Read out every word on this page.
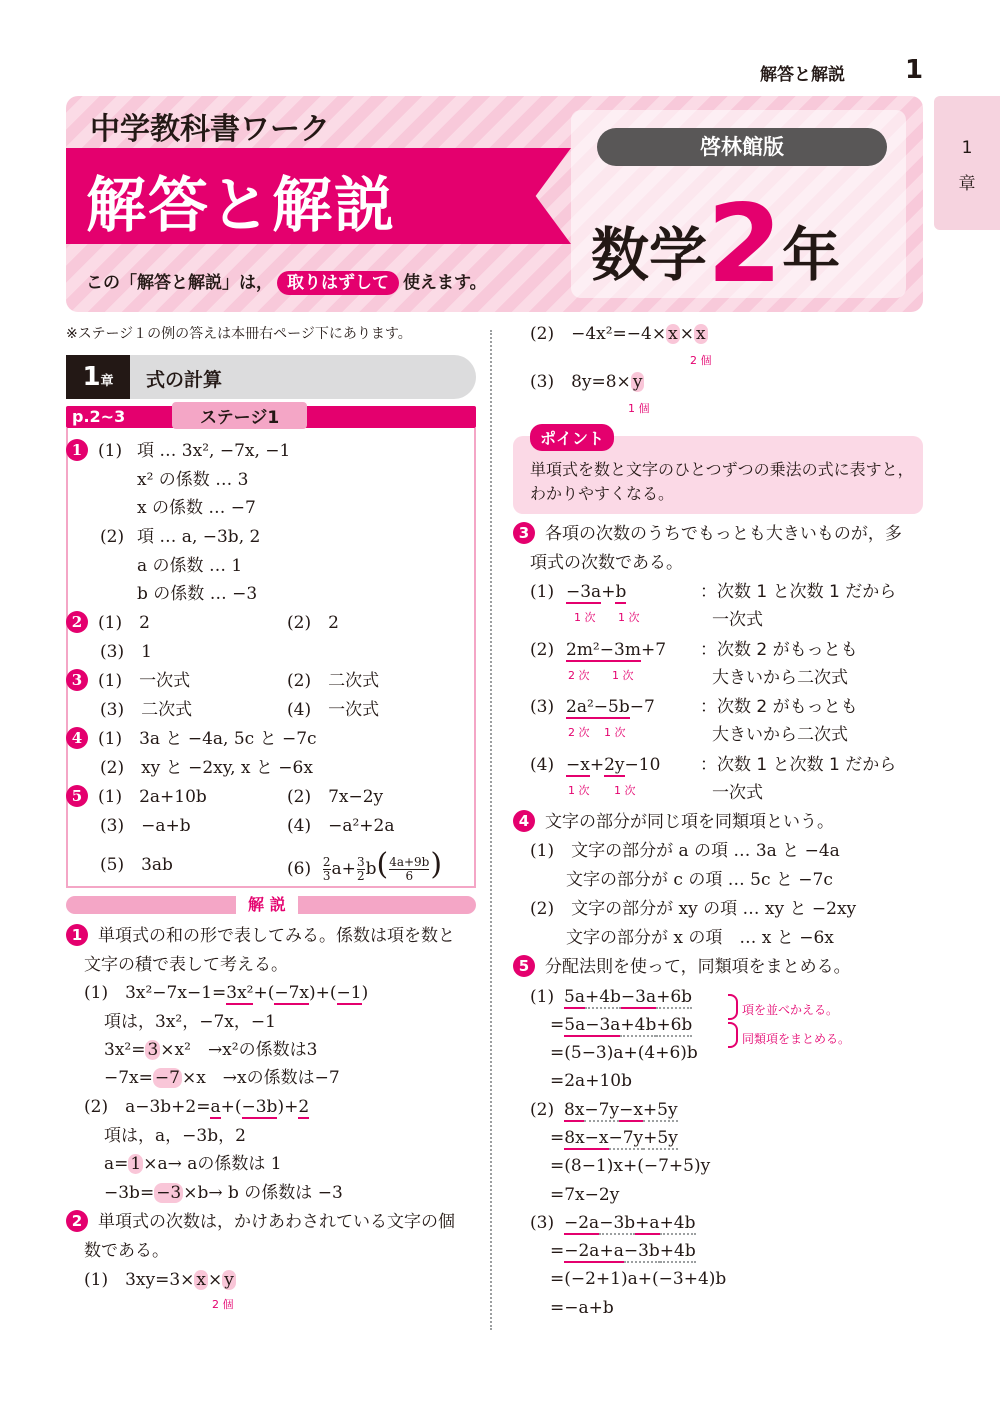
解答と解説 1
1
章
中学教科書ワーク
解答と解説
この「解答と解説」は， 取りはずして 使えます。
啓林館版
数学2年
※ステージ１の例の答えは本冊右ページ下にあります。
1章	式の計算
p.2~3	ステージ1
1 (1) 項 … 3x², −7x, −1
x² の係数 … 3
x の係数 … −7
(2) 項 … a, −3b, 2
a の係数 … 1
b の係数 … −3
2 (1)　2	(2)　2
(3)　1
3 (1)　一次式	(2)　二次式
(3)　二次式	(4)　一次式
4 (1)　3a と −4a, 5c と −7c
(2)　xy と −2xy, x と −6x
5 (1)　2a+10b	(2)　7x−2y
(3)　−a+b	(4)　−a²+2a
(5)　3ab	$(6) \frac{2}{3} a+ \frac{3}{2} b( \frac{4a+9b}{6}$ )
解 説
1 単項式の和の形で表してみる。係数は項を数と
文字の積で表して考える。
(1)　3x²−7x−1=3x²+(−7x)+(−1)
項は，3x²，−7x，−1
3x²= 3 ×x²　→x²の係数は3
−7x= −7 ×x　→xの係数は−7
(2)　a−3b+2=a+(−3b)+2
項は，a，−3b，2
a= 1 ×a→ aの係数は 1
−3b= −3 ×b→ b の係数は −3
2 単項式の次数は，かけあわされている文字の個
数である。
(1)　3xy=3× x × y
2 個
(2)　−4x²=−4× x × x
2 個
(3)　8y=8× y
1 個
ポイント
単項式を数と文字のひとつずつの乗法の式に表すと，
わかりやすくなる。
3 各項の次数のうちでもっとも大きいものが，多
項式の次数である。
(1) −3a+b
1 次 1 次
：次数 1 と次数 1 だから
一次式
(2) 2m²−3m+7
2 次 1 次
：次数 2 がもっとも
大きいから二次式
(3) 2a²−5b−7
2 次 1 次
：次数 2 がもっとも
大きいから二次式
(4) −x+2y−10
1 次 1 次
：次数 1 と次数 1 だから
一次式
4 文字の部分が同じ項を同類項という。
(1)　文字の部分が a の項 … 3a と −4a
文字の部分が c の項 … 5c と −7c
(2)　文字の部分が xy の項 … xy と −2xy
文字の部分が x の項　… x と −6x
5 分配法則を使って，同類項をまとめる。
(1) 5a+4b−3a+6b
=5a−3a+4b+6b
=(5−3)a+(4+6)b
=2a+10b
項を並べかえる。
同類項をまとめる。
(2) 8x−7y−x+5y
=8x−x−7y+5y
=(8−1)x+(−7+5)y
=7x−2y
(3) −2a−3b+a+4b
=−2a+a−3b+4b
=(−2+1)a+(−3+4)b
=−a+b
